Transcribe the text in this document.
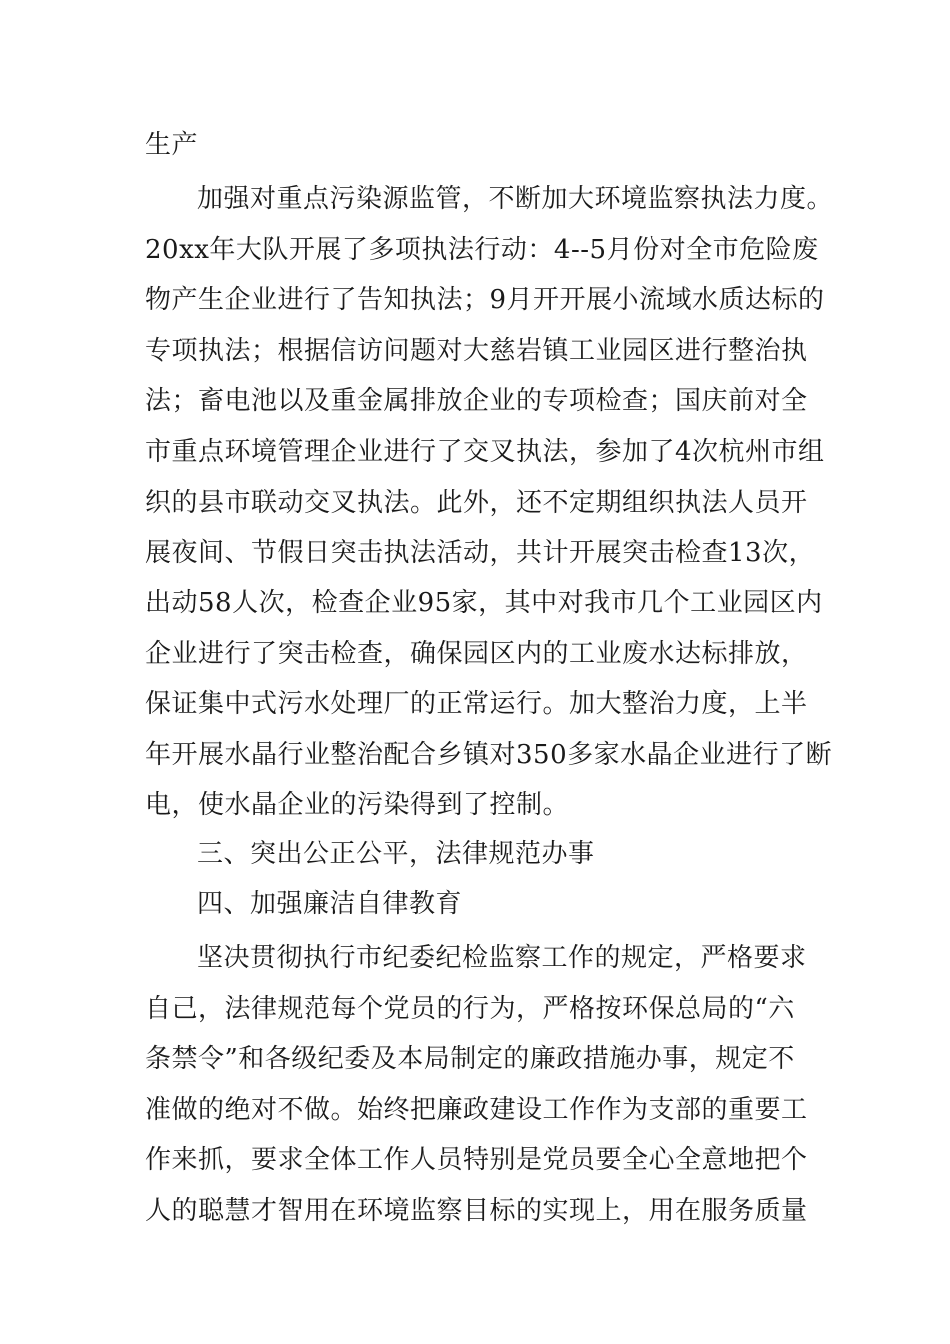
生产
加强对重点污染源监管，不断加大环境监察执法力度。
20xx年大队开展了多项执法行动：4--5月份对全市危险废
物产生企业进行了告知执法；9月开开展小流域水质达标的
专项执法；根据信访问题对大慈岩镇工业园区进行整治执
法；畜电池以及重金属排放企业的专项检查；国庆前对全
市重点环境管理企业进行了交叉执法，参加了4次杭州市组
织的县市联动交叉执法。此外，还不定期组织执法人员开
展夜间、节假日突击执法活动，共计开展突击检查13次，
出动58人次，检查企业95家，其中对我市几个工业园区内
企业进行了突击检查，确保园区内的工业废水达标排放，
保证集中式污水处理厂的正常运行。加大整治力度，上半
年开展水晶行业整治配合乡镇对350多家水晶企业进行了断
电，使水晶企业的污染得到了控制。
三、突出公正公平，法律规范办事
四、加强廉洁自律教育
坚决贯彻执行市纪委纪检监察工作的规定，严格要求
自己，法律规范每个党员的行为，严格按环保总局的“六
条禁令”和各级纪委及本局制定的廉政措施办事，规定不
准做的绝对不做。始终把廉政建设工作作为支部的重要工
作来抓，要求全体工作人员特别是党员要全心全意地把个
人的聪慧才智用在环境监察目标的实现上，用在服务质量
